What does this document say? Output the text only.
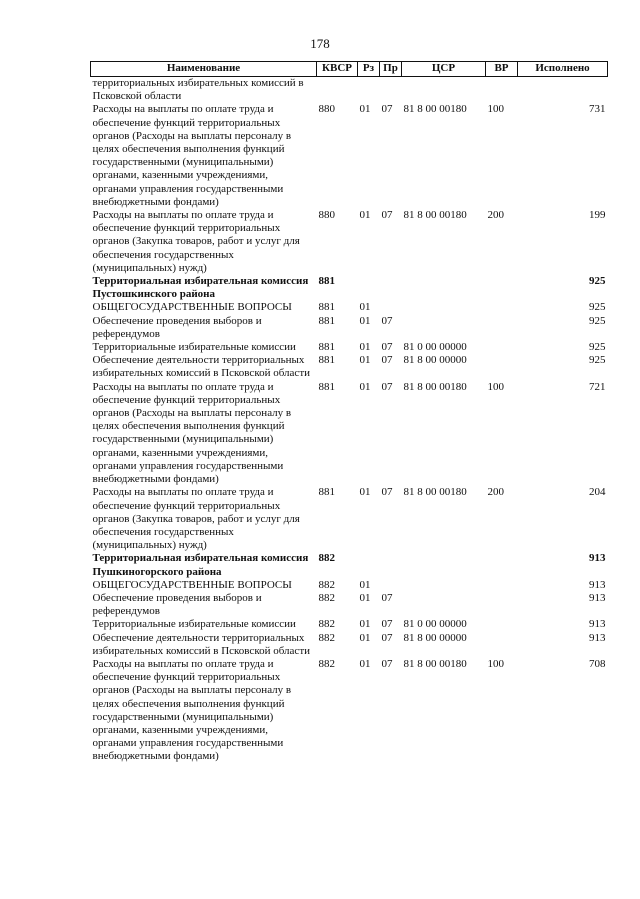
178
Наименование	КВСР	Рз	Пр	ЦСР	ВР	Исполнено
территориальных избирательных комиссий в Псковской области						
Расходы на выплаты по оплате труда и обеспечение функций территориальных органов (Расходы на выплаты персоналу в целях обеспечения выполнения функций государственными (муниципальными) органами, казенными учреждениями, органами управления государственными внебюджетными фондами)	880	01	07	81 8 00 00180	100	731
Расходы на выплаты по оплате труда и обеспечение функций территориальных органов (Закупка товаров, работ и услуг для обеспечения государственных (муниципальных) нужд)	880	01	07	81 8 00 00180	200	199
Территориальная избирательная комиссия Пустошкинского района	881					925
ОБЩЕГОСУДАРСТВЕННЫЕ ВОПРОСЫ	881	01				925
Обеспечение проведения выборов и референдумов	881	01	07			925
Территориальные избирательные комиссии	881	01	07	81 0 00 00000		925
Обеспечение деятельности территориальных избирательных комиссий в Псковской области	881	01	07	81 8 00 00000		925
Расходы на выплаты по оплате труда и обеспечение функций территориальных органов (Расходы на выплаты персоналу в целях обеспечения выполнения функций государственными (муниципальными) органами, казенными учреждениями, органами управления государственными внебюджетными фондами)	881	01	07	81 8 00 00180	100	721
Расходы на выплаты по оплате труда и обеспечение функций территориальных органов (Закупка товаров, работ и услуг для обеспечения государственных (муниципальных) нужд)	881	01	07	81 8 00 00180	200	204
Территориальная избирательная комиссия Пушкиногорского района	882					913
ОБЩЕГОСУДАРСТВЕННЫЕ ВОПРОСЫ	882	01				913
Обеспечение проведения выборов и референдумов	882	01	07			913
Территориальные избирательные комиссии	882	01	07	81 0 00 00000		913
Обеспечение деятельности территориальных избирательных комиссий в Псковской области	882	01	07	81 8 00 00000		913
Расходы на выплаты по оплате труда и обеспечение функций территориальных органов (Расходы на выплаты персоналу в целях обеспечения выполнения функций государственными (муниципальными) органами, казенными учреждениями, органами управления государственными внебюджетными фондами)	882	01	07	81 8 00 00180	100	708
